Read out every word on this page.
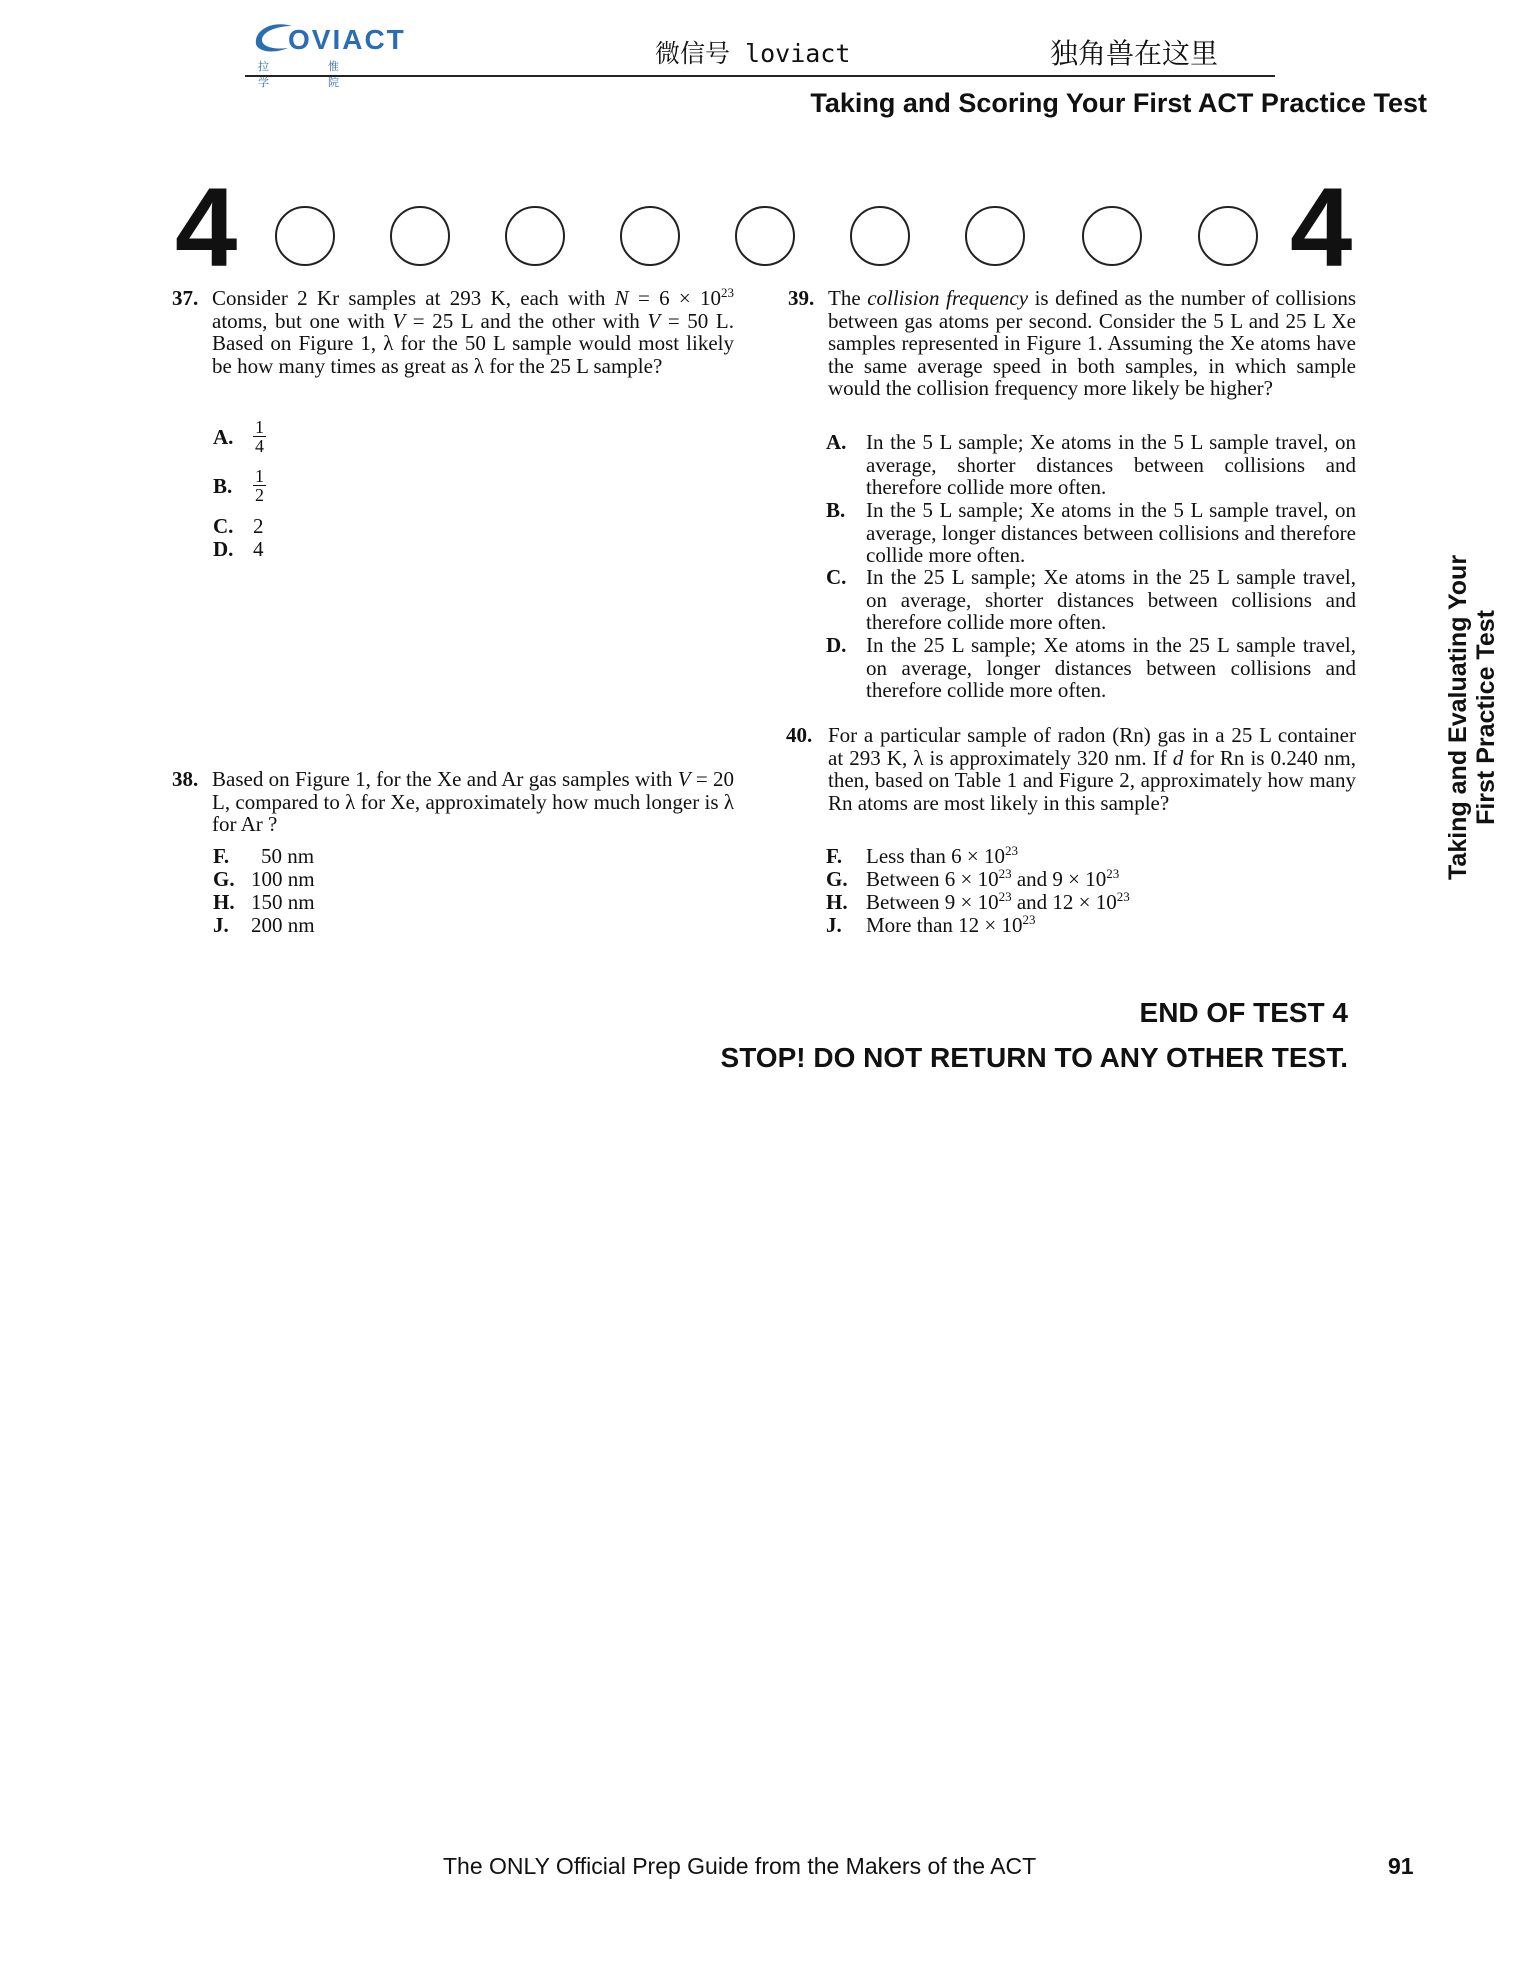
OVIACT
拉 惟 学 院
微信号 loviact	独角兽在这里
Taking and Scoring Your First ACT Practice Test
4	4
37. Consider 2 Kr samples at 293 K, each with $N = 6 \times 10^{23}$ atoms, but one with V = 25 L and the other with V = 50 L. Based on Figure 1, λ for the 50 L sample would most likely be how many times as great as λ for the 25 L sample?
A. $\frac{1}{4}$
B. $\frac{1}{2}$
C. 2
D. 4
38. Based on Figure 1, for the Xe and Ar gas samples with V = 20 L, compared to λ for Xe, approximately how much longer is λ for Ar ?
F. 50 nm
G. 100 nm
H. 150 nm
J. 200 nm
39. The collision frequency is defined as the number of collisions between gas atoms per second. Consider the 5 L and 25 L Xe samples represented in Figure 1. Assuming the Xe atoms have the same average speed in both samples, in which sample would the collision frequency more likely be higher?
A. In the 5 L sample; Xe atoms in the 5 L sample travel, on average, shorter distances between collisions and therefore collide more often.
B. In the 5 L sample; Xe atoms in the 5 L sample travel, on average, longer distances between collisions and therefore collide more often.
C. In the 25 L sample; Xe atoms in the 25 L sample travel, on average, shorter distances between collisions and therefore collide more often.
D. In the 25 L sample; Xe atoms in the 25 L sample travel, on average, longer distances between collisions and therefore collide more often.
40. For a particular sample of radon (Rn) gas in a 25 L container at 293 K, λ is approximately 320 nm. If d for Rn is 0.240 nm, then, based on Table 1 and Figure 2, approximately how many Rn atoms are most likely in this sample?
F. Less than $6 \times 10^{23}$
G. Between $6 \times 10^{23}$ and $9 \times 10^{23}$
H. Between $9 \times 10^{23}$ and $12 \times 10^{23}$
J. More than $12 \times 10^{23}$
END OF TEST 4
STOP! DO NOT RETURN TO ANY OTHER TEST.
Taking and Evaluating Your First Practice Test
The ONLY Official Prep Guide from the Makers of the ACT	91
